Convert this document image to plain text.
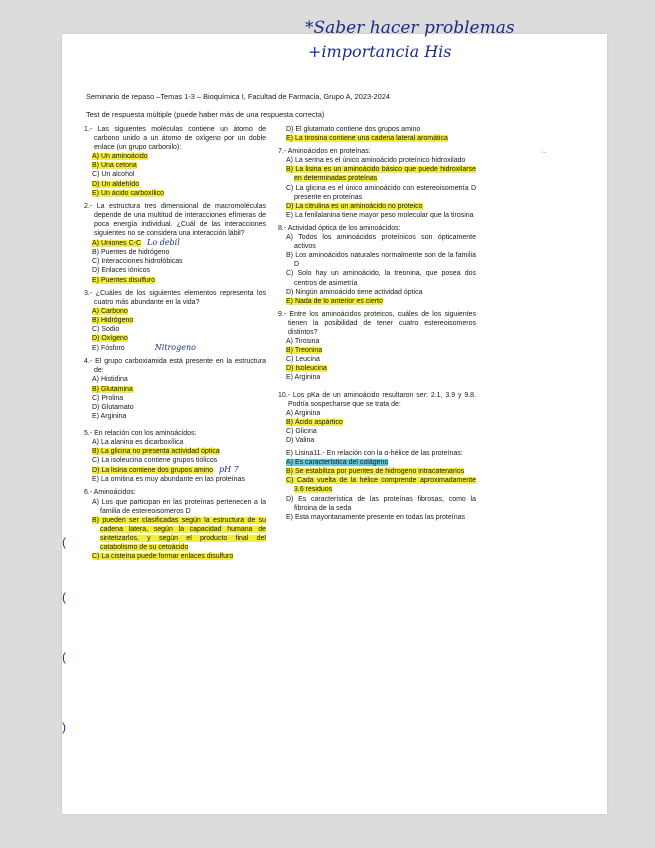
*Saber hacer problemas
+importancia His
~
(
(
(
)
Seminario de repaso –Temas 1-3 – Bioquímica I, Facultad de Farmacia, Grupo A, 2023-2024
Test de respuesta múltiple (puede haber más de una respuesta correcta)
1.- Las siguientes moléculas contiene un átomo de carbono unido a un átomo de oxígeno por un doble enlace (un grupo carbonilo):
A) Un aminoácido
B) Una cetona
C) Un alcohol
D) Un aldehído
E) Un ácido carboxílico
2.- La estructura tres dimensional de macromoléculas depende de una multitud de interacciones efímeras de poca energía individual. ¿Cuál de las interacciones siguientes no se considera una interacción lábil?
A) Uniones C-C Lo debil
B) Puentes de hidrógeno
C) Interacciones hidrofóbicas
D) Enlaces iónicos
E) Puentes disulfuro
3.- ¿Cuáles de los siguientes elementos representa los cuatro más abundante en la vida?
A) Carbono
B) Hidrógeno
C) Sodio
D) Oxígeno
E) Fósforo	Nitrogeno
4.- El grupo carboxiamida está presente en la estructura de:
A) Histidina
B) Glutamina
C) Prolina
D) Glutamato
E) Arginina
5.- En relación con los aminoácidos:
A) La alanina es dicarboxílica
B) La glicina no presenta actividad óptica
C) La isoleucina contiene grupos tiólicos
D) La lisina contiene dos grupos amino pH 7
E) La ornitina es muy abundante en las proteínas
6.- Aminoácidos:
A) Los que participan en las proteínas pertenecen a la familia de estereoisomeros D
B) pueden ser clasificadas según la estructura de su cadena latera, según la capacidad humana de sintetizarlos, y según el producto final del catabolismo de su cetoácido
C) La cisteína puede formar enlaces disulfuro
D) El glutamato contiene dos grupos amino
E) La tirosina contiene una cadena lateral aromática
7.- Aminoácidos en proteínas:
A) La serina es el único aminoácido proteínico hidroxilado
B) La lisina es un aminoácido básico que puede hidroxilarse en determinadas proteínas
C) La glicina es el único aminoácido con estereoisometría D presente en proteínas
D) La citrulina es un aminoácido no proteico
E) La fenilalanina tiene mayor peso molecular que la tirosina
8.- Actividad óptica de los aminoácidos:
A) Todos los aminoácidos proteínicos son ópticamente activos
B) Los aminoácidos naturales normalmente son de la familia D
C) Solo hay un aminoácido, la treonina, que posea dos centros de asimetría
D) Ningún aminoácido tiene actividad óptica
E) Nada de lo anterior es cierto
9.- Entre los aminoácidos proteicos, cuáles de los siguientes tienen la posibilidad de tener cuatro estereoisomeros distintos?
A) Tirosina
B) Treonina
C) Leucina
D) Isoleucina
E) Arginina
10.- Los pKa de un aminoácido resultaron ser: 2.1, 3.9 y 9.8. Podría sospecharse que se trata de:
A) Arginina
B) Ácido aspártico
C) Glicina
D) Valina
E) Lisina11.- En relación con la α-hélice de las proteínas:
A) Es característica del colágeno
B) Se estabiliza por puentes de hidrogeno intracatenarios
C) Cada vuelta de la hélice comprende aproximadamente 3.6 residuos
D) Es característica de las proteínas fibrosas, como la fibroina de la seda
E) Esta mayoritariamente presente en todas las proteínas
